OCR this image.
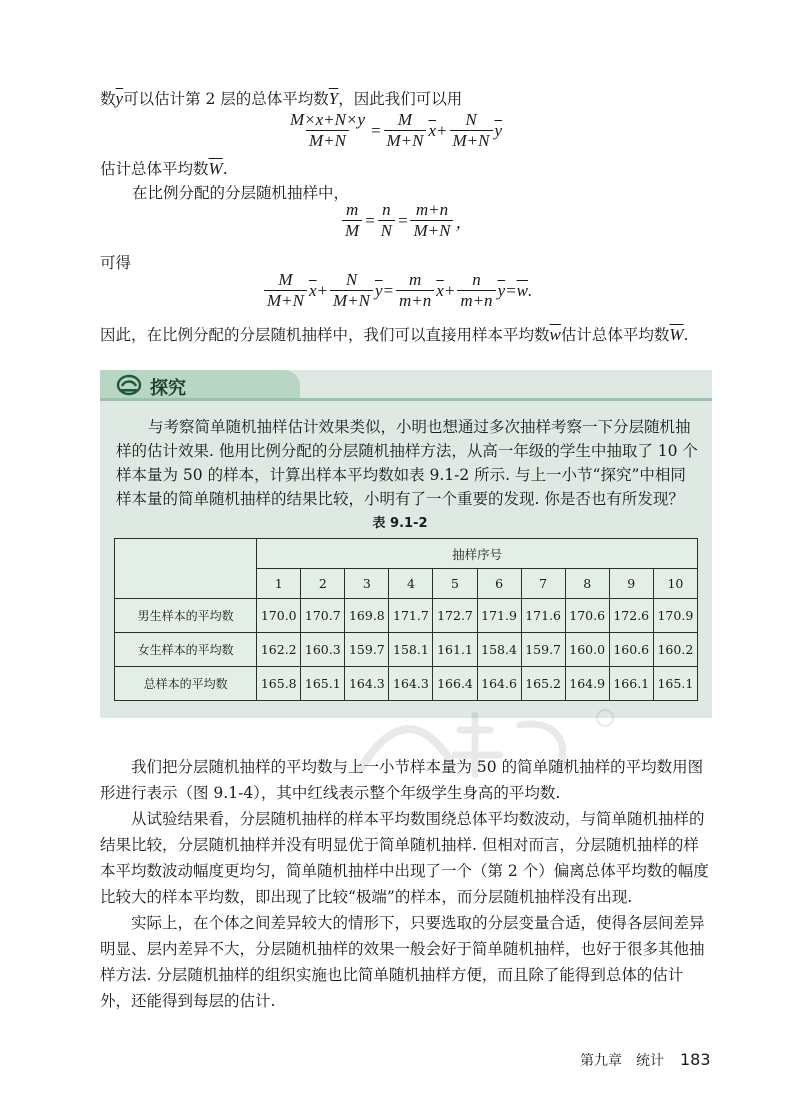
数$\overline{y}$可以估计第 2 层的总体平均数$\overline{Y}$，因此我们可以用
$\frac{M\times x+N\times y}{M+N} = \frac{M}{M+N} \overline{x} + \frac{N}{M+N} \overline{y}$
估计总体平均数$\overline{W}$.
在比例分配的分层随机抽样中，
$\frac{m}{M} = \frac{n}{N} = \frac{m+n}{M+N}$ ，
可得
$\frac{M}{M+N} \overline{x} + \frac{N}{M+N} \overline{y} = \frac{m}{m+n} \overline{x} + \frac{n}{m+n} \overline{y} = \overline{w}$ .
因此，在比例分配的分层随机抽样中，我们可以直接用样本平均数$\overline{w}$估计总体平均数$\overline{W}$.
探究
与考察简单随机抽样估计效果类似，小明也想通过多次抽样考察一下分层随机抽
样的估计效果. 他用比例分配的分层随机抽样方法，从高一年级的学生中抽取了 10 个
样本量为 50 的样本，计算出样本平均数如表 9.1-2 所示. 与上一小节“探究”中相同
样本量的简单随机抽样的结果比较，小明有了一个重要的发现. 你是否也有所发现？
表 9.1-2
	抽样序号									
	1	2	3	4	5	6	7	8	9	10
男生样本的平均数	170.0	170.7	169.8	171.7	172.7	171.9	171.6	170.6	172.6	170.9
女生样本的平均数	162.2	160.3	159.7	158.1	161.1	158.4	159.7	160.0	160.6	160.2
总样本的平均数	165.8	165.1	164.3	164.3	166.4	164.6	165.2	164.9	166.1	165.1
　　我们把分层随机抽样的平均数与上一小节样本量为 50 的简单随机抽样的平均数用图
形进行表示（图 9.1-4），其中红线表示整个年级学生身高的平均数.
　　从试验结果看，分层随机抽样的样本平均数围绕总体平均数波动，与简单随机抽样的
结果比较，分层随机抽样并没有明显优于简单随机抽样. 但相对而言，分层随机抽样的样
本平均数波动幅度更均匀，简单随机抽样中出现了一个（第 2 个）偏离总体平均数的幅度
比较大的样本平均数，即出现了比较“极端”的样本，而分层随机抽样没有出现.
　　实际上，在个体之间差异较大的情形下，只要选取的分层变量合适，使得各层间差异
明显、层内差异不大，分层随机抽样的效果一般会好于简单随机抽样，也好于很多其他抽
样方法. 分层随机抽样的组织实施也比简单随机抽样方便，而且除了能得到总体的估计
外，还能得到每层的估计.
第九章　统计 183
